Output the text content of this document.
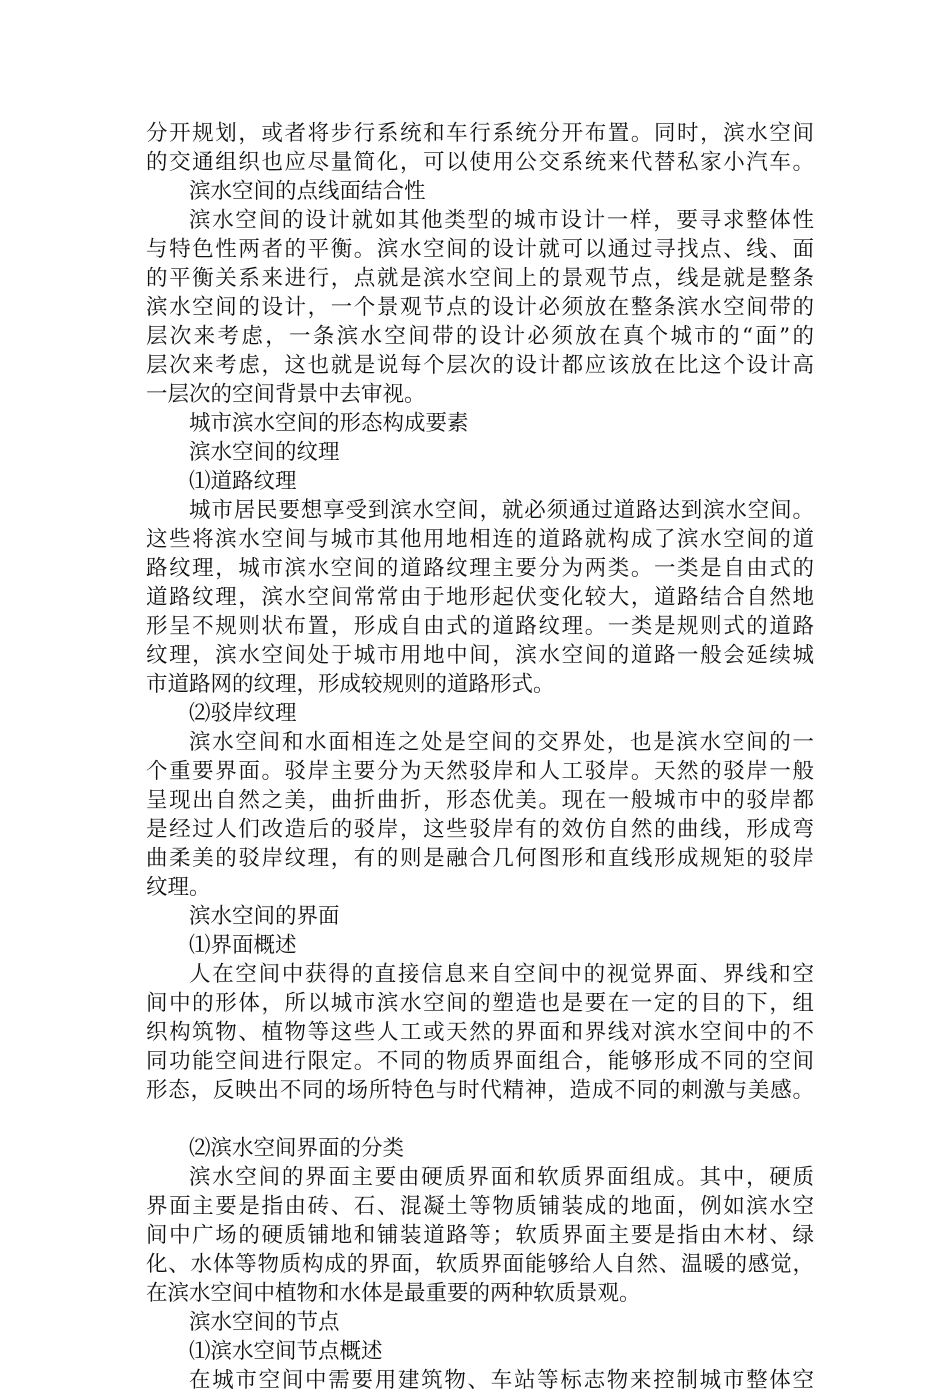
分开规划，或者将步行系统和车行系统分开布置。同时，滨水空间
的交通组织也应尽量简化，可以使用公交系统来代替私家小汽车。
滨水空间的点线面结合性
滨水空间的设计就如其他类型的城市设计一样，要寻求整体性
与特色性两者的平衡。滨水空间的设计就可以通过寻找点、线、面
的平衡关系来进行，点就是滨水空间上的景观节点，线是就是整条
滨水空间的设计，一个景观节点的设计必须放在整条滨水空间带的
层次来考虑，一条滨水空间带的设计必须放在真个城市的“面”的
层次来考虑，这也就是说每个层次的设计都应该放在比这个设计高
一层次的空间背景中去审视。
城市滨水空间的形态构成要素
滨水空间的纹理
⑴道路纹理
城市居民要想享受到滨水空间，就必须通过道路达到滨水空间。
这些将滨水空间与城市其他用地相连的道路就构成了滨水空间的道
路纹理，城市滨水空间的道路纹理主要分为两类。一类是自由式的
道路纹理，滨水空间常常由于地形起伏变化较大，道路结合自然地
形呈不规则状布置，形成自由式的道路纹理。一类是规则式的道路
纹理，滨水空间处于城市用地中间，滨水空间的道路一般会延续城
市道路网的纹理，形成较规则的道路形式。
⑵驳岸纹理
滨水空间和水面相连之处是空间的交界处，也是滨水空间的一
个重要界面。驳岸主要分为天然驳岸和人工驳岸。天然的驳岸一般
呈现出自然之美，曲折曲折，形态优美。现在一般城市中的驳岸都
是经过人们改造后的驳岸，这些驳岸有的效仿自然的曲线，形成弯
曲柔美的驳岸纹理，有的则是融合几何图形和直线形成规矩的驳岸
纹理。
滨水空间的界面
⑴界面概述
人在空间中获得的直接信息来自空间中的视觉界面、界线和空
间中的形体，所以城市滨水空间的塑造也是要在一定的目的下，组
织构筑物、植物等这些人工或天然的界面和界线对滨水空间中的不
同功能空间进行限定。不同的物质界面组合，能够形成不同的空间
形态，反映出不同的场所特色与时代精神，造成不同的刺激与美感。
⑵滨水空间界面的分类
滨水空间的界面主要由硬质界面和软质界面组成。其中，硬质
界面主要是指由砖、石、混凝土等物质铺装成的地面，例如滨水空
间中广场的硬质铺地和铺装道路等；软质界面主要是指由木材、绿
化、水体等物质构成的界面，软质界面能够给人自然、温暖的感觉，
在滨水空间中植物和水体是最重要的两种软质景观。
滨水空间的节点
⑴滨水空间节点概述
在城市空间中需要用建筑物、车站等标志物来控制城市整体空
